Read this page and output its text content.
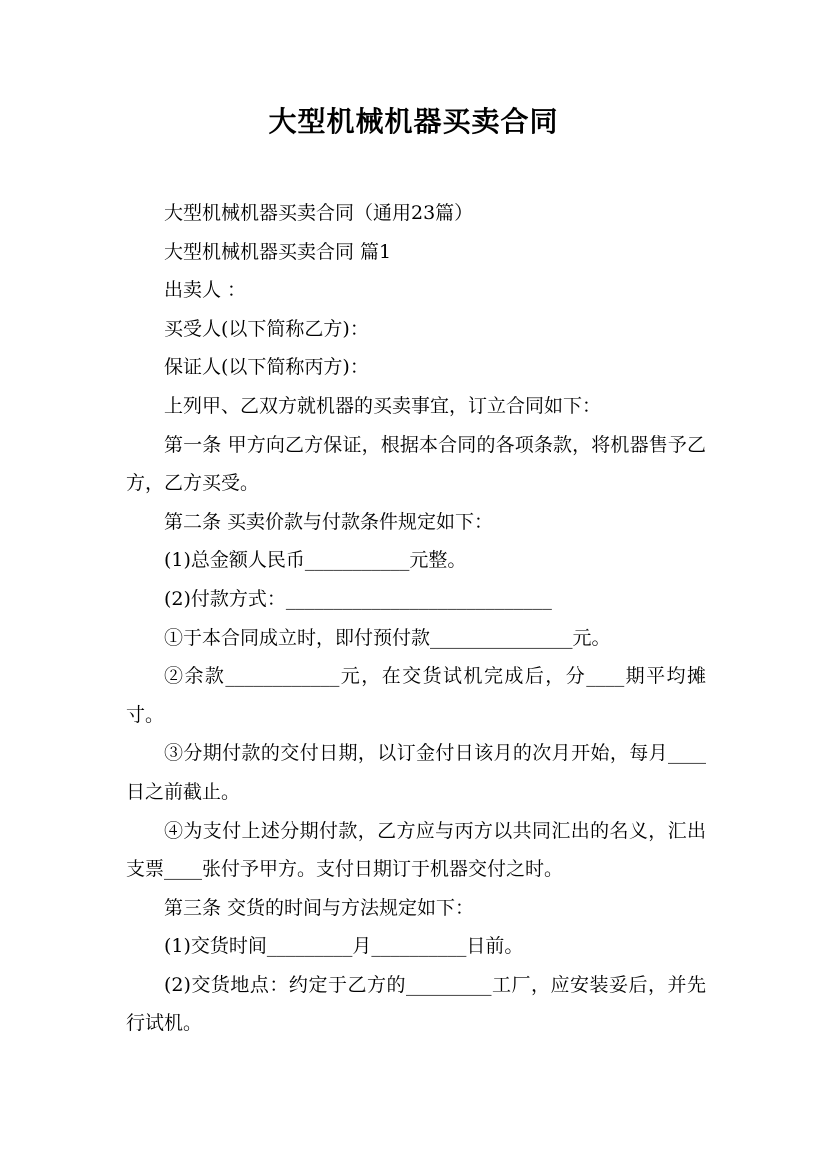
大型机械机器买卖合同

大型机械机器买卖合同（通用23篇）

大型机械机器买卖合同 篇1

出卖人 ：

买受人(以下简称乙方)：

保证人(以下简称丙方)：

上列甲、乙双方就机器的买卖事宜，订立合同如下：

第一条 甲方向乙方保证，根据本合同的各项条款，将机器售予乙方，乙方买受。

第二条 买卖价款与付款条件规定如下：

(1)总金额人民币___________元整。

(2)付款方式：____________________________

①于本合同成立时，即付预付款_______________元。

②余款____________元，在交货试机完成后，分____期平均摊寸。

③分期付款的交付日期，以订金付日该月的次月开始，每月____日之前截止。

④为支付上述分期付款，乙方应与丙方以共同汇出的名义，汇出支票____张付予甲方。支付日期订于机器交付之时。

第三条 交货的时间与方法规定如下：

(1)交货时间_________月__________日前。

(2)交货地点：约定于乙方的_________工厂，应安装妥后，并先行试机。
